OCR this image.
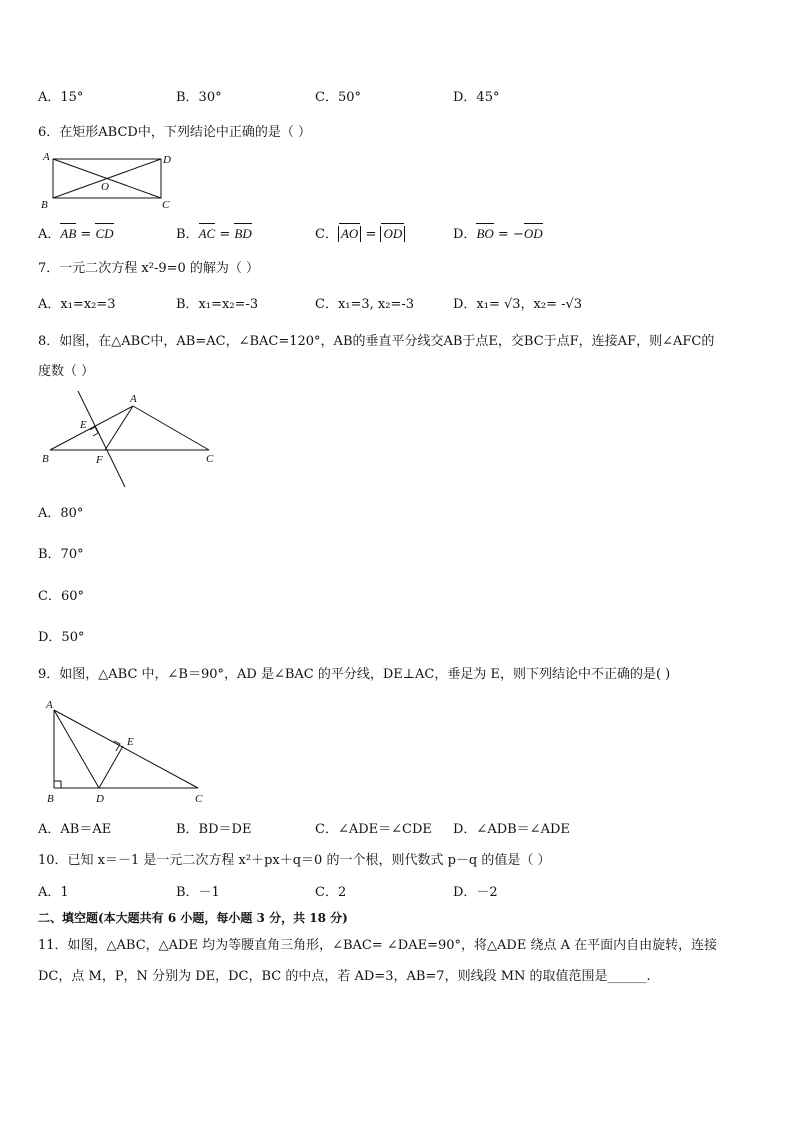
A．15°	B．30°	C．50°	D．45°
6．在矩形ABCD中，下列结论中正确的是（ ）
A	D
O
B	C
A．AB = CD	B．AC = BD	C． AO = OD	D．BO = −OD
7．一元二次方程 x²-9=0 的解为（ ）
A．x₁=x₂=3	B．x₁=x₂=-3	C．x₁=3, x₂=-3	D．x₁= √3，x₂= -√3
8．如图，在△ABC中，AB=AC，∠BAC=120°，AB的垂直平分线交AB于点E，交BC于点F，连接AF，则∠AFC的
度数（ ）
A
E
B	F	C
A．80°
B．70°
C．60°
D．50°
9．如图，△ABC 中，∠B＝90°，AD 是∠BAC 的平分线，DE⊥AC，垂足为 E，则下列结论中不正确的是( )
A
E
B	D	C
A．AB＝AE	B．BD＝DE	C．∠ADE＝∠CDE D．∠ADB＝∠ADE
10．已知 x＝－1 是一元二次方程 x²＋px＋q＝0 的一个根，则代数式 p－q 的值是（ ）
A．1	B．－1	C．2	D．－2
二、填空题(本大题共有 6 小题，每小题 3 分，共 18 分)
11．如图，△ABC，△ADE 均为等腰直角三角形，∠BAC= ∠DAE=90°，将△ADE 绕点 A 在平面内自由旋转，连接
DC，点 M，P，N 分别为 DE，DC，BC 的中点，若 AD=3，AB=7，则线段 MN 的取值范围是______.
